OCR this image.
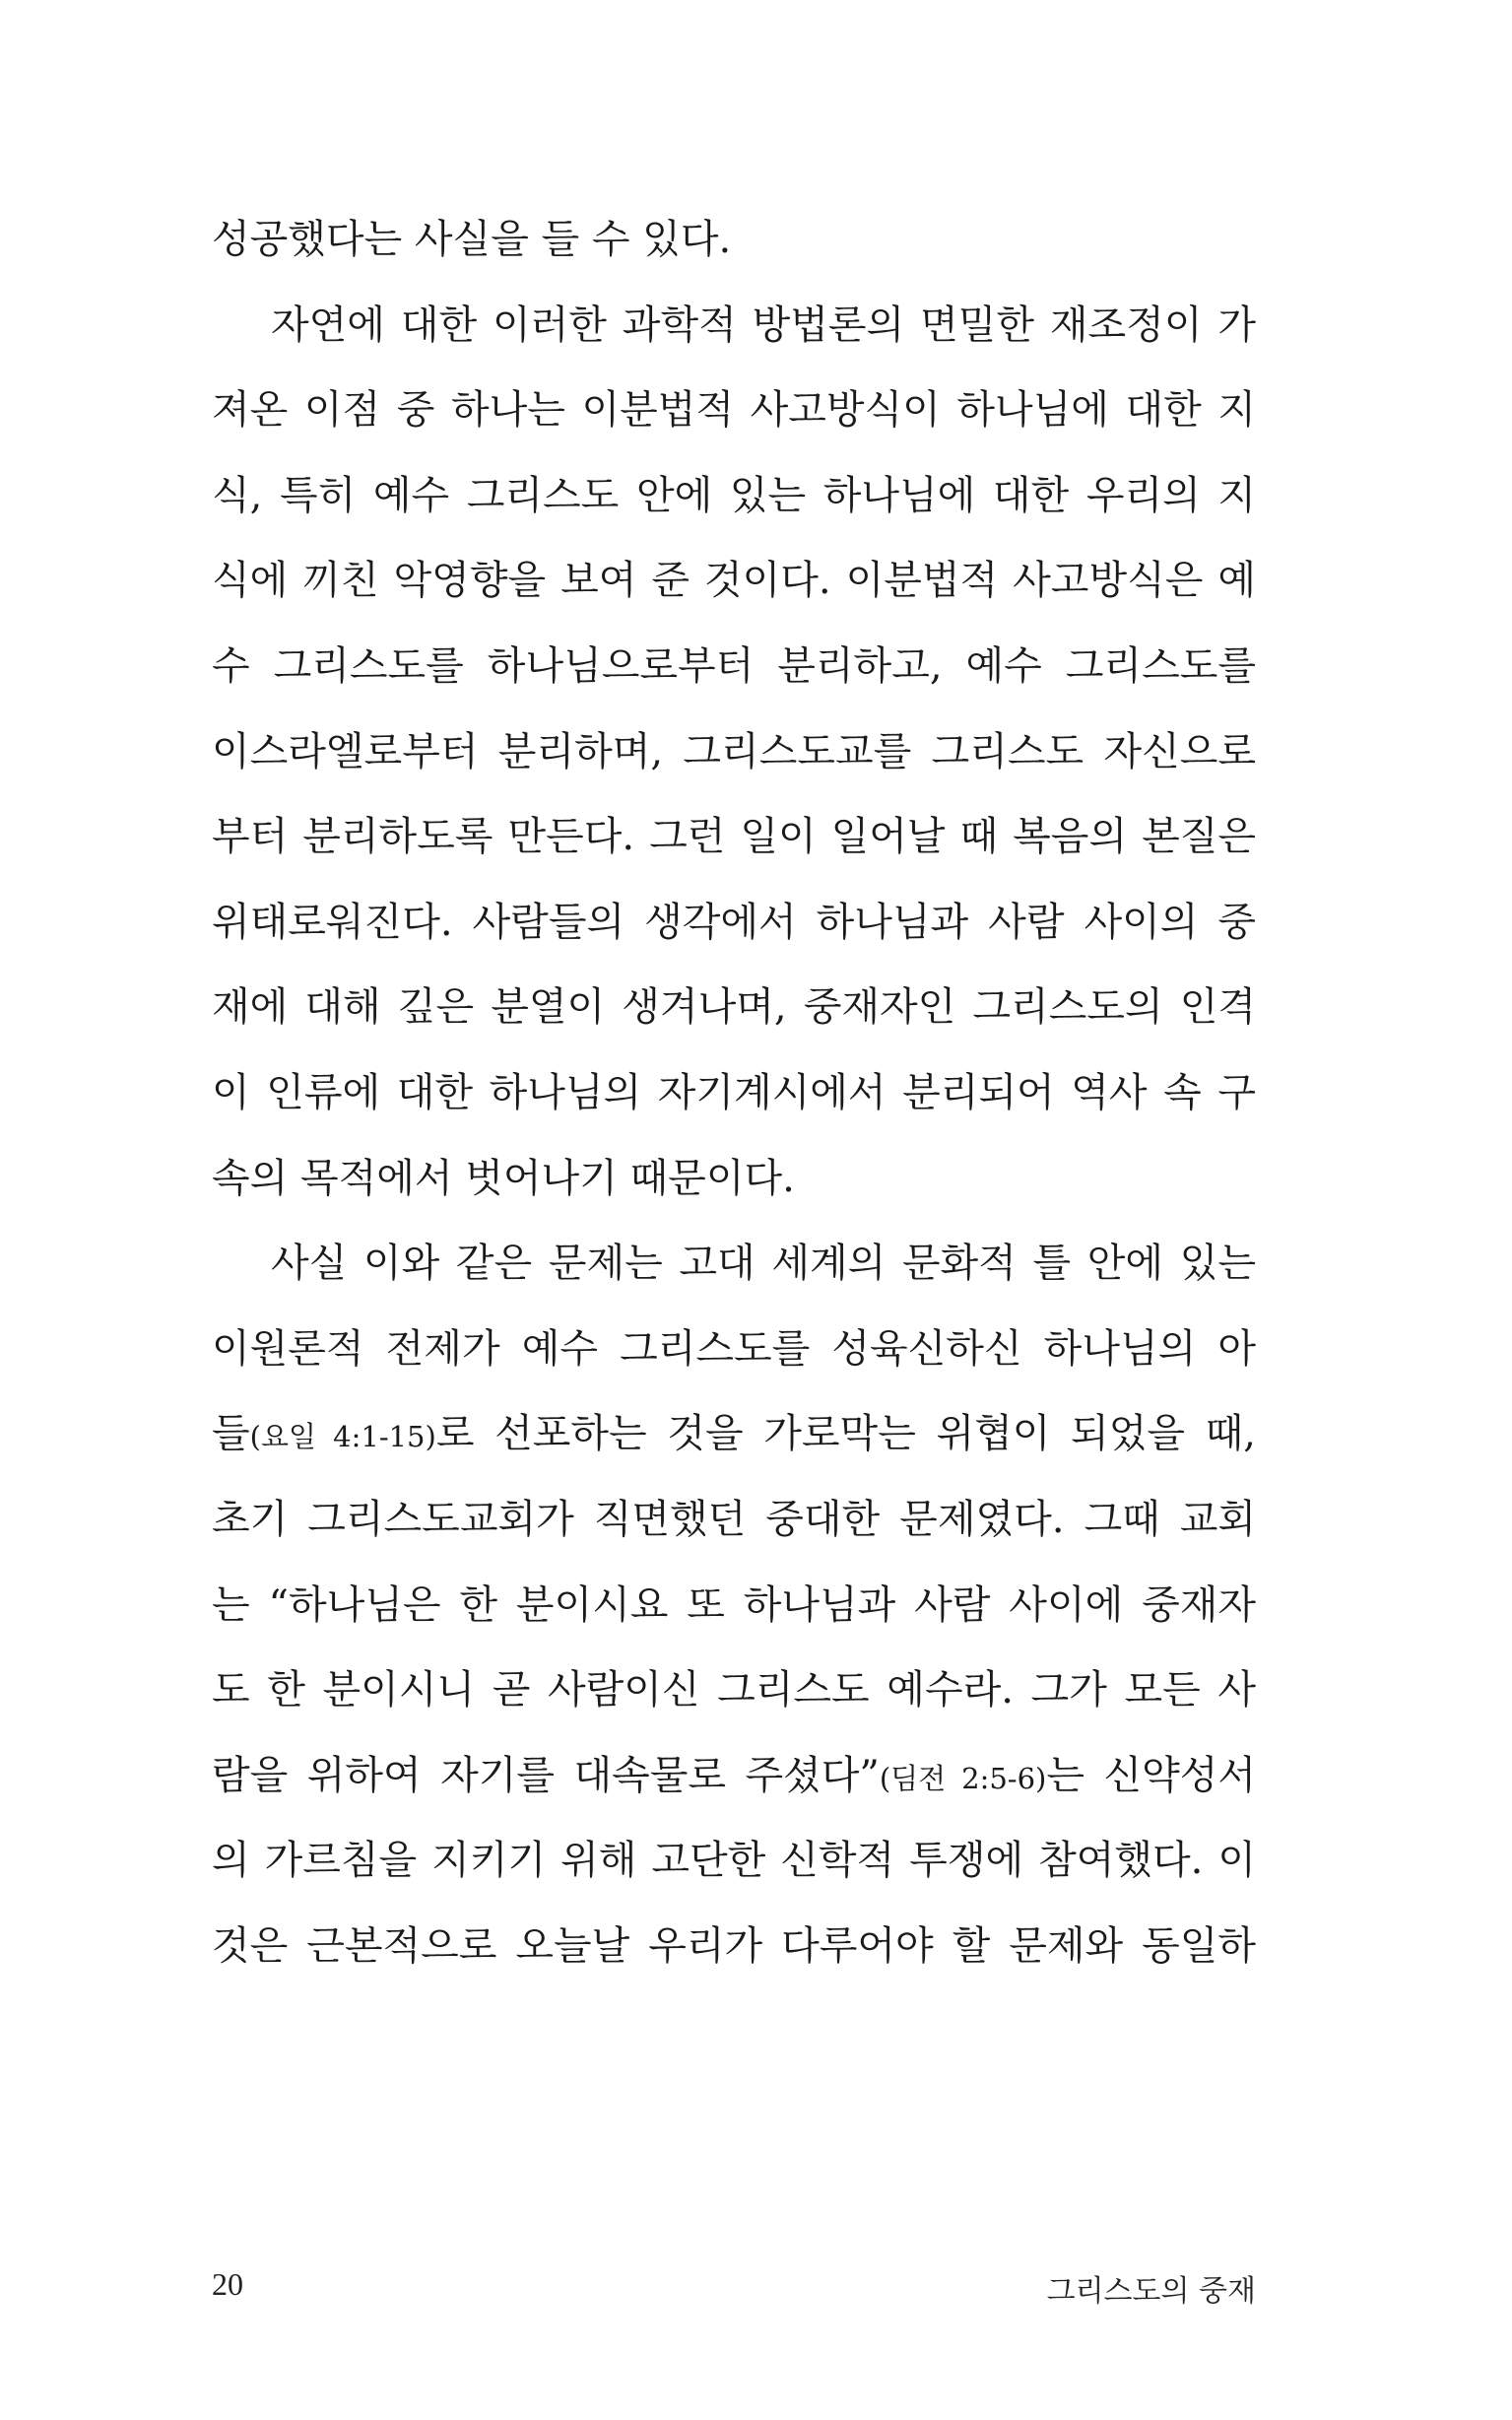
성공했다는 사실을 들 수 있다.
자연에 대한 이러한 과학적 방법론의 면밀한 재조정이 가
져온 이점 중 하나는 이분법적 사고방식이 하나님에 대한 지
식, 특히 예수 그리스도 안에 있는 하나님에 대한 우리의 지
식에 끼친 악영향을 보여 준 것이다. 이분법적 사고방식은 예
수 그리스도를 하나님으로부터 분리하고, 예수 그리스도를
이스라엘로부터 분리하며, 그리스도교를 그리스도 자신으로
부터 분리하도록 만든다. 그런 일이 일어날 때 복음의 본질은
위태로워진다. 사람들의 생각에서 하나님과 사람 사이의 중
재에 대해 깊은 분열이 생겨나며, 중재자인 그리스도의 인격
이 인류에 대한 하나님의 자기계시에서 분리되어 역사 속 구
속의 목적에서 벗어나기 때문이다.
사실 이와 같은 문제는 고대 세계의 문화적 틀 안에 있는
이원론적 전제가 예수 그리스도를 성육신하신 하나님의 아
들(요일 4:1-15)로 선포하는 것을 가로막는 위협이 되었을 때,
초기 그리스도교회가 직면했던 중대한 문제였다. 그때 교회
는 “하나님은 한 분이시요 또 하나님과 사람 사이에 중재자
도 한 분이시니 곧 사람이신 그리스도 예수라. 그가 모든 사
람을 위하여 자기를 대속물로 주셨다”(딤전 2:5-6)는 신약성서
의 가르침을 지키기 위해 고단한 신학적 투쟁에 참여했다. 이
것은 근본적으로 오늘날 우리가 다루어야 할 문제와 동일하
20	그리스도의 중재
